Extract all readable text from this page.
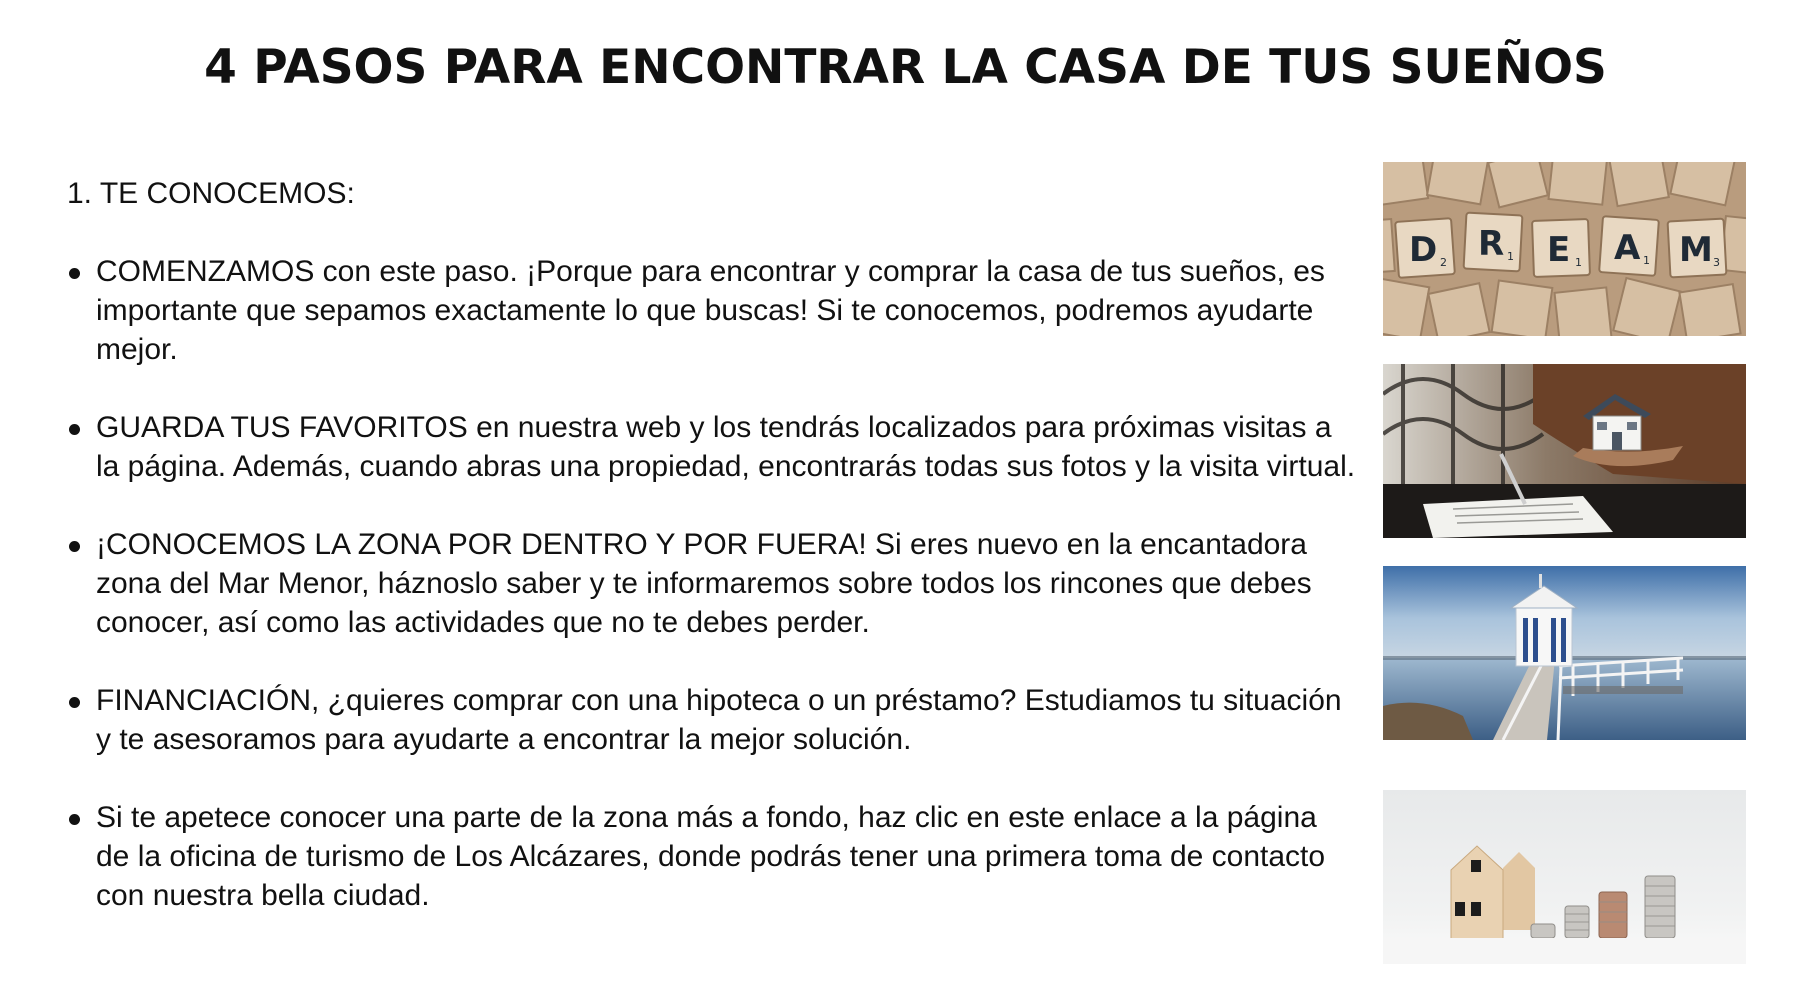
4 PASOS PARA ENCONTRAR LA CASA DE TUS SUEÑOS

1. TE CONOCEMOS:

COMENZAMOS con este paso. ¡Porque para encontrar y comprar la casa de tus sueños, es importante que sepamos exactamente lo que buscas! Si te conocemos, podremos ayudarte mejor.
GUARDA TUS FAVORITOS en nuestra web y los tendrás localizados para próximas visitas a la página. Además, cuando abras una propiedad, encontrarás todas sus fotos y la visita virtual.
¡CONOCEMOS LA ZONA POR DENTRO Y POR FUERA! Si eres nuevo en la encantadora zona del Mar Menor, háznoslo saber y te informaremos sobre todos los rincones que debes conocer, así como las actividades que no te debes perder.
FINANCIACIÓN, ¿quieres comprar con una hipoteca o un préstamo? Estudiamos tu situación y te asesoramos para ayudarte a encontrar la mejor solución.
Si te apetece conocer una parte de la zona más a fondo, haz clic en este enlace a la página de la oficina de turismo de Los Alcázares, donde podrás tener una primera toma de contacto con nuestra bella ciudad.
D R E A M
2	1	1	1	3
